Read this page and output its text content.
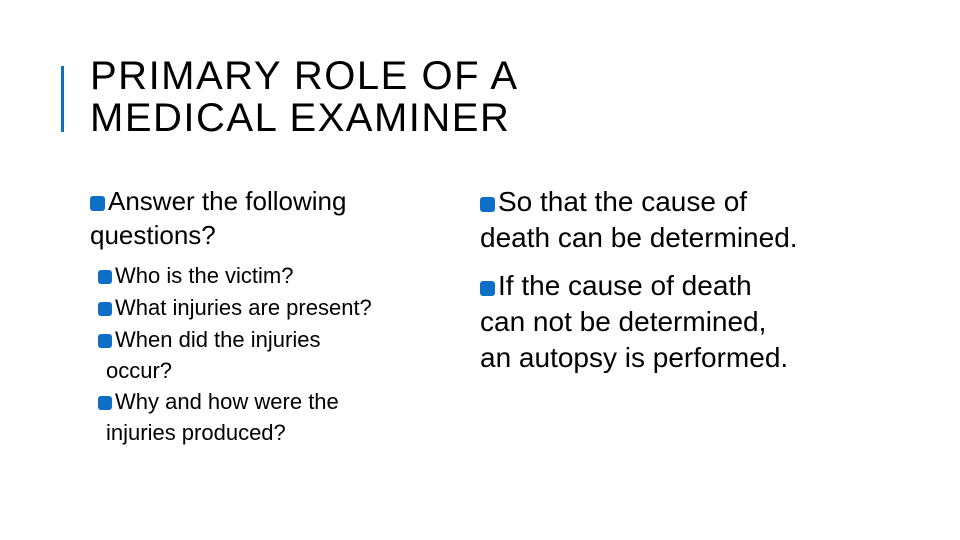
PRIMARY ROLE OF A
MEDICAL EXAMINER

Answer the following
questions?

Who is the victim?
What injuries are present?
When did the injuries
occur?
Why and how were the
injuries produced?

So that the cause of
death can be determined.

If the cause of death
can not be determined,
an autopsy is performed.
